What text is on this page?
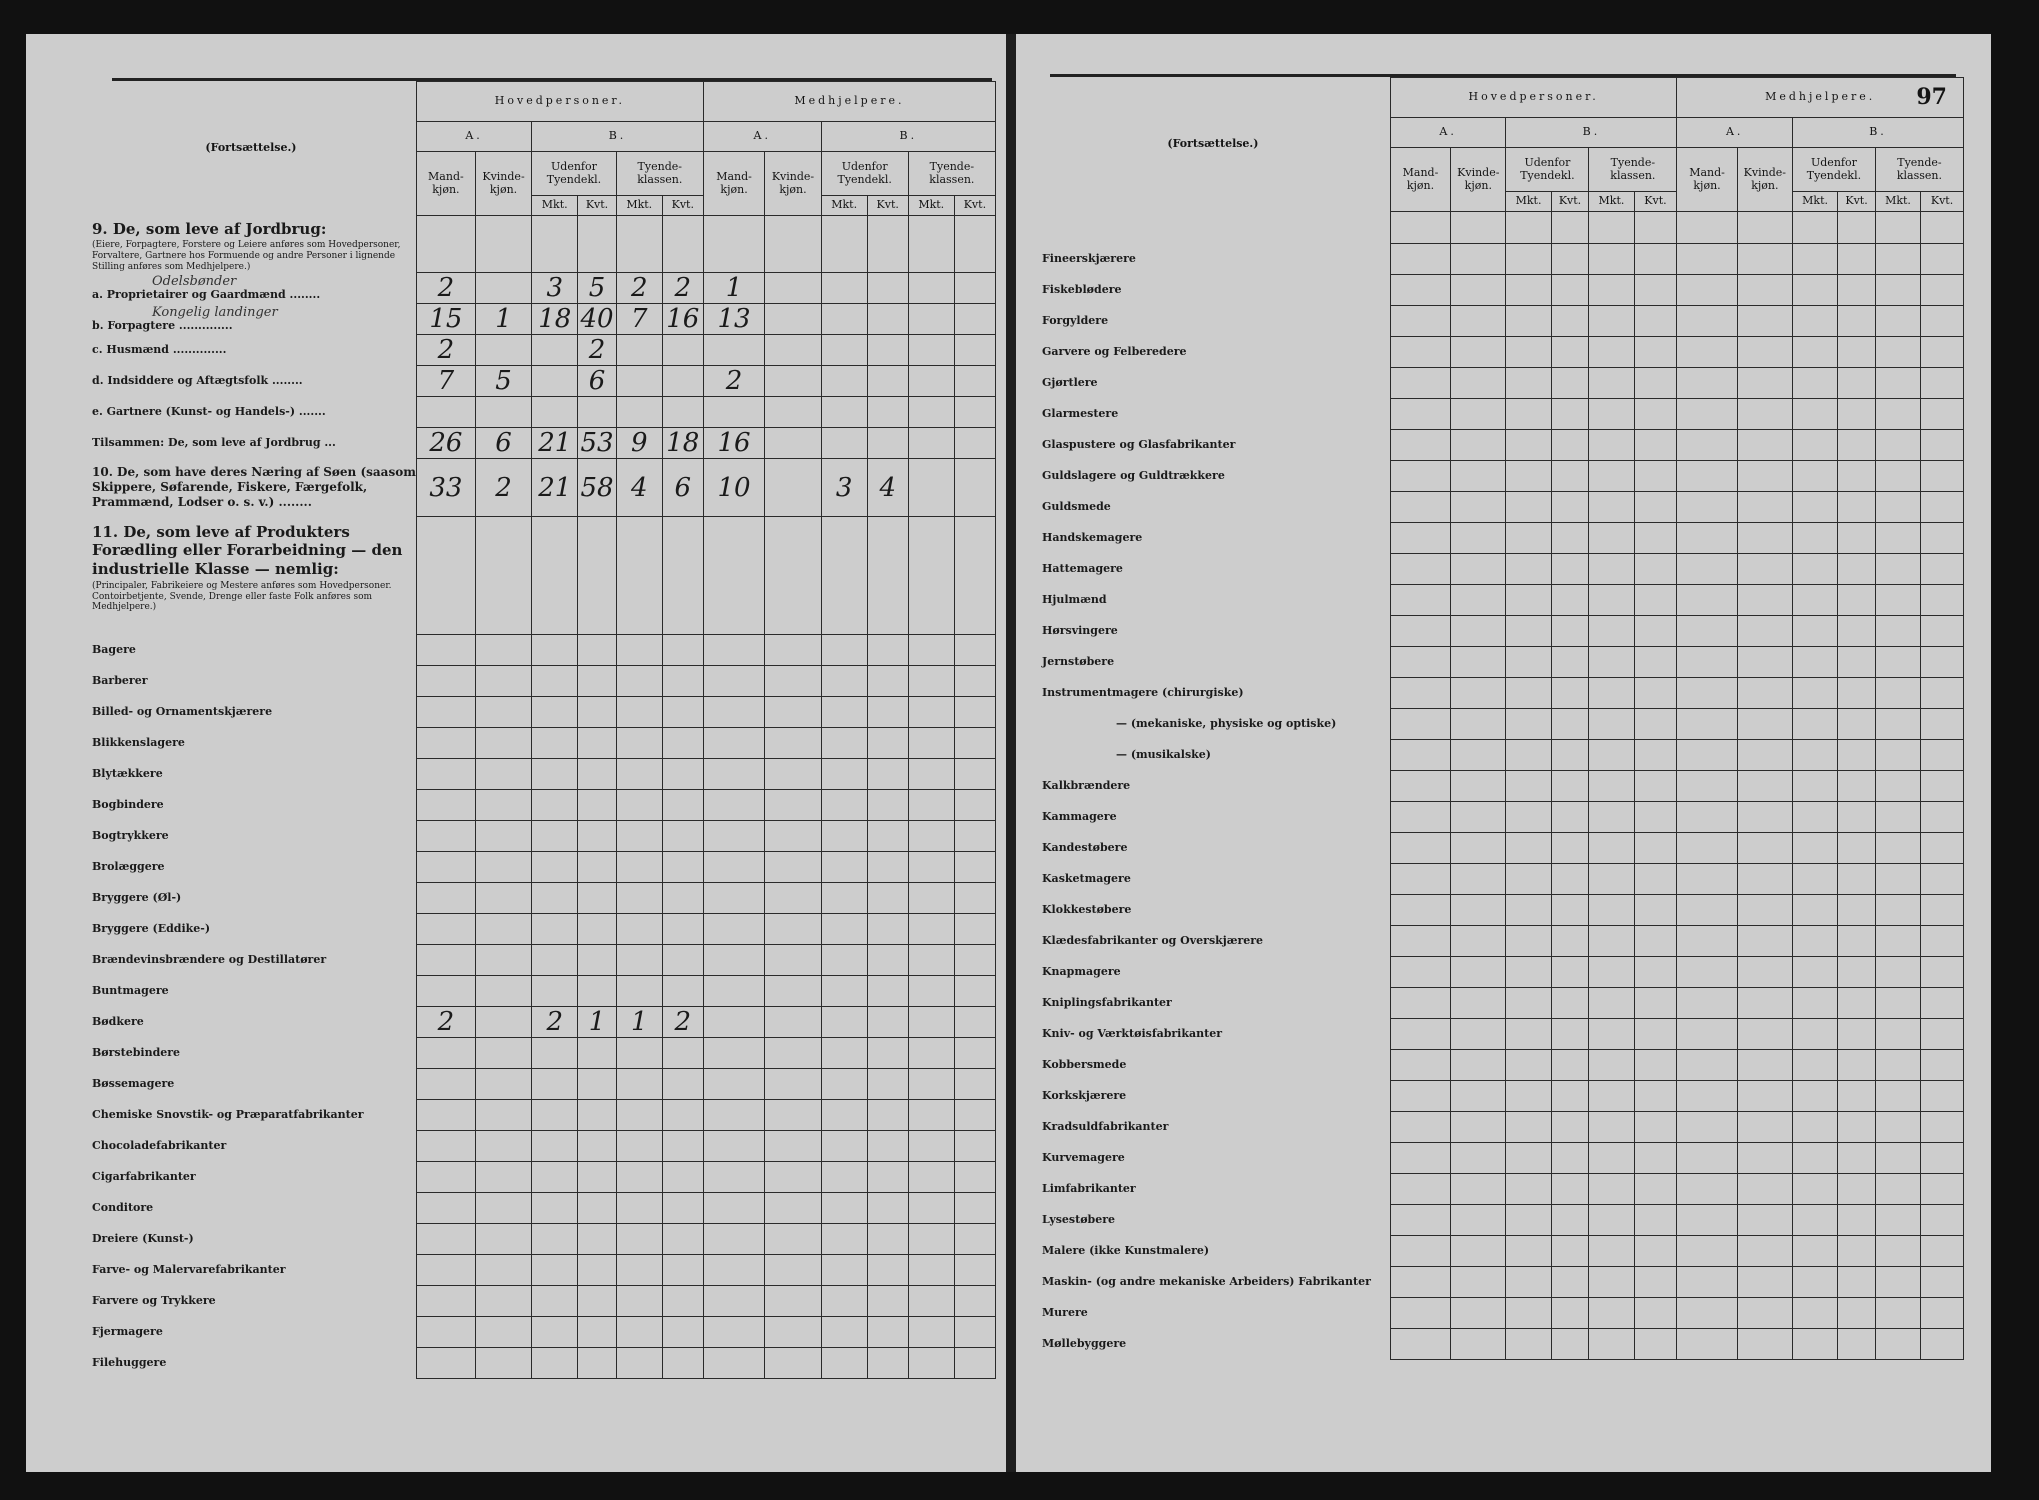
(Fortsættelse.)	Hovedpersoner.						Medhjelpere.					
	A.		B.				A.		B.			
	Mand-kjøn.	Kvinde-kjøn.	Udenfor Tyendekl.		Tyende-klassen.		Mand-kjøn.	Kvinde-kjøn.	Udenfor Tyendekl.		Tyende-klassen.	
			Mkt.	Kvt.	Mkt.	Kvt.			Mkt.	Kvt.	Mkt.	Kvt.
9. De, som leve af Jordbrug:
(Eiere, Forpagtere, Forstere og Leiere anføres som Hovedpersoner, Forvaltere, Gartnere hos Formuende og andre Personer i lignende Stilling anføres som Medhjelpere.)												

Odelsbønder
a. Proprietairer og Gaardmænd ........	2		3	5	2	2	1					

Kongelig landinger
b. Forpagtere ..............	15	1	18	40	7	16	13					
c. Husmænd ..............	2			2								
d. Indsiddere og Aftægtsfolk ........	7	5		6			2					
e. Gartnere (Kunst- og Handels-) .......												
Tilsammen: De, som leve af Jordbrug ...	26	6	21	53	9	18	16					
10. De, som have deres Næring af Søen (saasom Skippere, Søfarende, Fiskere, Færgefolk, Prammænd, Lodser o. s. v.) ........	33	2	21	58	4	6	10		3	4		
11. De, som leve af Produkters Forædling eller Forarbeidning — den industrielle Klasse — nemlig:
(Principaler, Fabrikeiere og Mestere anføres som Hovedpersoner. Contoirbetjente, Svende, Drenge eller faste Folk anføres som Medhjelpere.)												

Bagere												
Barberer												
Billed- og Ornamentskjærere												
Blikkenslagere												
Blytækkere												
Bogbindere												
Bogtrykkere												
Brolæggere												
Bryggere (Øl-)												
Bryggere (Eddike-)												
Brændevinsbrændere og Destillatører												
Buntmagere												
Bødkere	2		2	1	1	2						
Børstebindere												
Bøssemagere												
Chemiske Snovstik- og Præparatfabrikanter												
Chocoladefabrikanter												
Cigarfabrikanter												
Conditore												
Dreiere (Kunst-)												
Farve- og Malervarefabrikanter												
Farvere og Trykkere												
Fjermagere												
Filehuggere												
97
(Fortsættelse.)	Hovedpersoner.						Medhjelpere.					
	A.		B.				A.		B.			
	Mand-kjøn.	Kvinde-kjøn.	Udenfor Tyendekl.		Tyende-klassen.		Mand-kjøn.	Kvinde-kjøn.	Udenfor Tyendekl.		Tyende-klassen.	
			Mkt.	Kvt.	Mkt.	Kvt.			Mkt.	Kvt.	Mkt.	Kvt.

Fineerskjærere												
Fiskeblødere												
Forgyldere												
Garvere og Felberedere												
Gjørtlere												
Glarmestere												
Glaspustere og Glasfabrikanter												
Guldslagere og Guldtrækkere												
Guldsmede												
Handskemagere												
Hattemagere												
Hjulmænd												
Hørsvingere												
Jernstøbere												
Instrumentmagere (chirurgiske)												
— (mekaniske, physiske og optiske)												
— (musikalske)												
Kalkbrændere												
Kammagere												
Kandestøbere												
Kasketmagere												
Klokkestøbere												
Klædesfabrikanter og Overskjærere												
Knapmagere												
Kniplingsfabrikanter												
Kniv- og Værktøisfabrikanter												
Kobbersmede												
Korkskjærere												
Kradsuldfabrikanter												
Kurvemagere												
Limfabrikanter												
Lysestøbere												
Malere (ikke Kunstmalere)												
Maskin- (og andre mekaniske Arbeiders) Fabrikanter												
Murere												
Møllebyggere												
